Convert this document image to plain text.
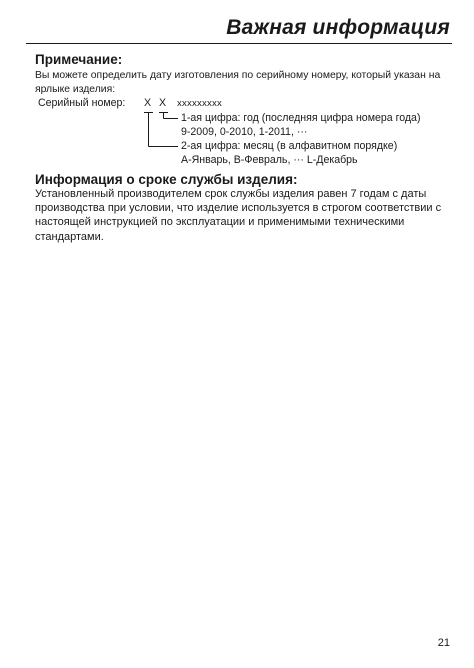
Важная информация
Примечание:
Вы можете определить дату изготовления по серийному номеру, который указан на ярлыке изделия:
Серийный номер: X X xxxxxxxxx
1-ая цифра: год (последняя цифра номера года)
9-2009, 0-2010, 1-2011, ···
2-ая цифра: месяц (в алфавитном порядке)
A-Январь, B-Февраль, ··· L-Декабрь
Информация о сроке службы изделия:
Установленный производителем срок службы изделия равен 7 годам с даты производства при условии, что изделие используется в строгом соответствии с настоящей инструкцией по эксплуатации и применимыми техническими стандартами.
21
